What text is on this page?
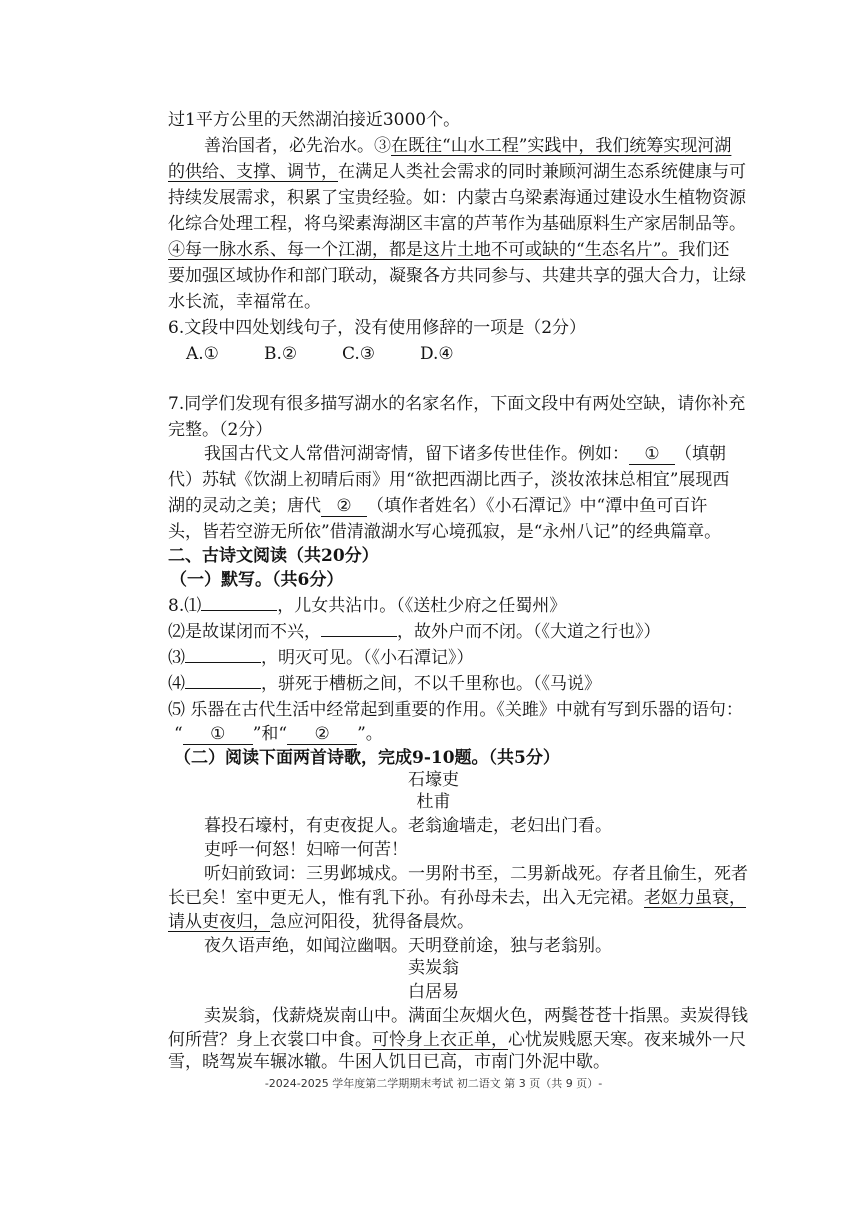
过1平方公里的天然湖泊接近3000个。
善治国者，必先治水。③在既往“山水工程”实践中，我们统筹实现河湖
的供给、支撑、调节，在满足人类社会需求的同时兼顾河湖生态系统健康与可
持续发展需求，积累了宝贵经验。如：内蒙古乌梁素海通过建设水生植物资源
化综合处理工程，将乌梁素海湖区丰富的芦苇作为基础原料生产家居制品等。
④每一脉水系、每一个江湖，都是这片土地不可或缺的“生态名片”。我们还
要加强区域协作和部门联动，凝聚各方共同参与、共建共享的强大合力，让绿
水长流，幸福常在。
6.文段中四处划线句子，没有使用修辞的一项是（2分）
A.①	B.②	C.③	D.④
7.同学们发现有很多描写湖水的名家名作，下面文段中有两处空缺，请你补充
完整。（2分）
我国古代文人常借河湖寄情，留下诸多传世佳作。例如： ① （填朝
代）苏轼《饮湖上初晴后雨》用“欲把西湖比西子，淡妆浓抹总相宜”展现西
湖的灵动之美；唐代 ② （填作者姓名）《小石潭记》中“潭中鱼可百许
头，皆若空游无所依”借清澈湖水写心境孤寂，是“永州八记”的经典篇章。
二、古诗文阅读（共20分）
（一）默写。（共6分）
8.⑴	，儿女共沾巾。（《送杜少府之任蜀州》
⑵是故谋闭而不兴，	，故外户而不闭。（《大道之行也》）
⑶	，明灭可见。（《小石潭记》）
⑷	，骈死于槽枥之间，不以千里称也。（《马说》
⑸ 乐器在古代生活中经常起到重要的作用。《关雎》中就有写到乐器的语句：
“ ① ”和“ ② ”。
（二）阅读下面两首诗歌，完成9-10题。（共5分）
石壕吏
杜甫
暮投石壕村，有吏夜捉人。老翁逾墙走，老妇出门看。
吏呼一何怒！妇啼一何苦！
听妇前致词：三男邺城戍。一男附书至，二男新战死。存者且偷生，死者
长已矣！室中更无人，惟有乳下孙。有孙母未去，出入无完裙。老妪力虽衰，
请从吏夜归，急应河阳役，犹得备晨炊。
夜久语声绝，如闻泣幽咽。天明登前途，独与老翁别。
卖炭翁
白居易
卖炭翁，伐薪烧炭南山中。满面尘灰烟火色，两鬓苍苍十指黑。卖炭得钱
何所营？身上衣裳口中食。可怜身上衣正单，心忧炭贱愿天寒。夜来城外一尺
雪，晓驾炭车辗冰辙。牛困人饥日已高，市南门外泥中歇。
-2024-2025 学年度第二学期期末考试 初二语文 第 3 页（共 9 页）-
